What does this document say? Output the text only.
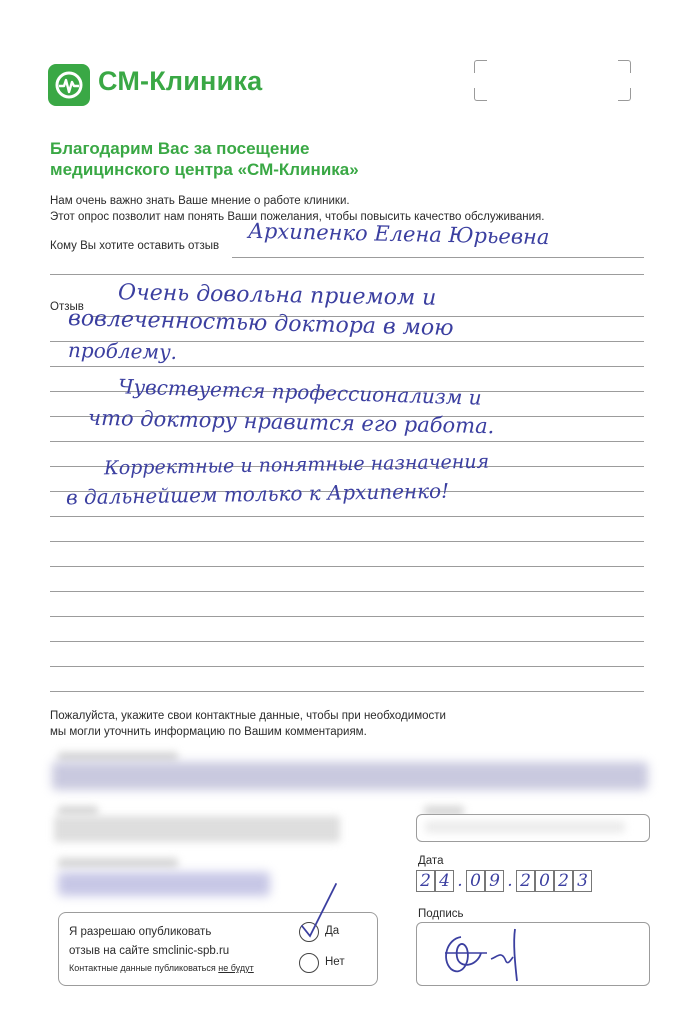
СМ-Клиника
Благодарим Вас за посещение
медицинского центра «СМ-Клиника»
Нам очень важно знать Ваше мнение о работе клиники.
Этот опрос позволит нам понять Ваши пожелания, чтобы повысить качество обслуживания.
Кому Вы хотите оставить отзыв Архипенко Елена Юрьевна
Отзыв Очень довольна приемом и
вовлеченностью доктора в мою
проблему.
Чувствуется профессионализм и
что доктору нравится его работа.
Корректные и понятные назначения
в дальнейшем только к Архипенко!
Пожалуйста, укажите свои контактные данные, чтобы при необходимости
мы могли уточнить информацию по Вашим комментариям.
Дата
2 4 . 0 9 . 2 0 2 3
Подпись
Я разрешаю опубликовать
отзыв на сайте smclinic-spb.ru
Контактные данные публиковаться не будут
Да
Нет
